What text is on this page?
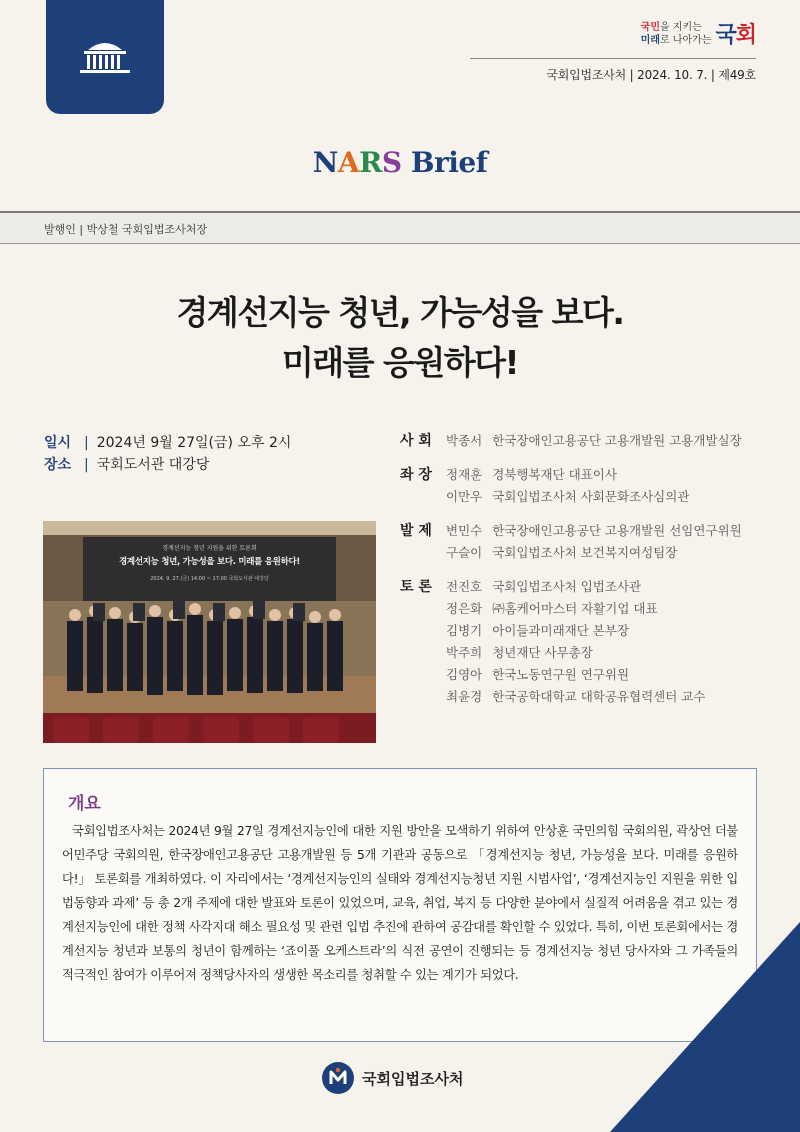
국민을 지키는
미래로 나아가는 국회
국회입법조사처 | 2024. 10. 7. | 제49호
NARS Brief
발행인 | 박상철 국회입법조사처장
경계선지능 청년, 가능성을 보다.
미래를 응원하다!
일시 | 2024년 9월 27일(금) 오후 2시
장소 | 국회도서관 대강당
경계선지능 청년 지원을 위한 토론회
경계선지능 청년, 가능성을 보다. 미래를 응원하다!
2024. 9. 27.(금) 14:00 ~ 17:00 국회도서관 대강당
사 회	박종서 한국장애인고용공단 고용개발원 고용개발실장
좌 장	정재훈 경북행복재단 대표이사
이만우 국회입법조사처 사회문화조사심의관
발 제	변민수 한국장애인고용공단 고용개발원 선임연구위원
구슬이 국회입법조사처 보건복지여성팀장
토 론	전진호 국회입법조사처 입법조사관
정은화 ㈜홈케어마스터 자활기업 대표
김병기 아이들과미래재단 본부장
박주희 청년재단 사무총장
김영아 한국노동연구원 연구위원
최윤경 한국공학대학교 대학공유협력센터 교수
개요
국회입법조사처는 2024년 9월 27일 경계선지능인에 대한 지원 방안을 모색하기 위하여 안상훈 국민의힘 국회의원, 곽상언 더불어민주당 국회의원, 한국장애인고용공단 고용개발원 등 5개 기관과 공동으로 「경계선지능 청년, 가능성을 보다. 미래를 응원하다!」 토론회를 개최하였다. 이 자리에서는 ‘경계선지능인의 실태와 경계선지능청년 지원 시범사업’, ‘경계선지능인 지원을 위한 입법동향과 과제’ 등 총 2개 주제에 대한 발표와 토론이 있었으며, 교육, 취업, 복지 등 다양한 분야에서 실질적 어려움을 겪고 있는 경계선지능인에 대한 정책 사각지대 해소 필요성 및 관련 입법 추진에 관하여 공감대를 확인할 수 있었다. 특히, 이번 토론회에서는 경계선지능 청년과 보통의 청년이 함께하는 ‘죠이풀 오케스트라’의 식전 공연이 진행되는 등 경계선지능 청년 당사자와 그 가족들의 적극적인 참여가 이루어져 정책당사자의 생생한 목소리를 청취할 수 있는 계기가 되었다.
국회입법조사처
